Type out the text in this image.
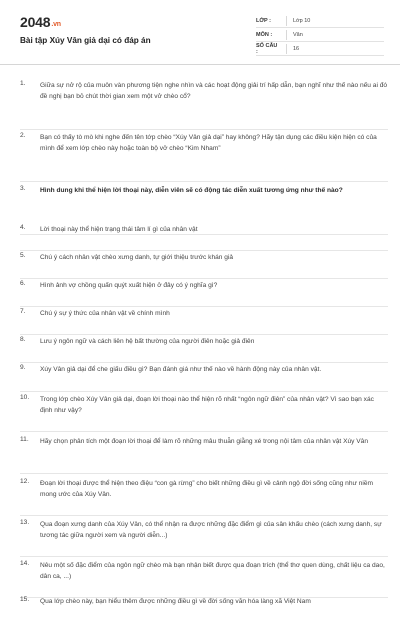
2048.vn
Bài tập Xúy Vân giả dại có đáp án
LỚP :	Lớp 10
MÔN :	Văn
SỐ CÂU :	16
1.	Giữa sự nở rộ của muôn vàn phương tiện nghe nhìn và các hoạt động giải trí hấp dẫn, bạn nghĩ như thế nào nếu ai đó đề nghị bạn bỏ chút thời gian xem một vở chèo cổ?
2.	Bạn có thấy tò mò khi nghe đến tên tớp chèo “Xúy Vân giả dại” hay không? Hãy tận dụng các điều kiện hiện có của mình để xem lớp chèo này hoặc toàn bộ vở chèo “Kim Nham”
3.	Hình dung khi thể hiện lời thoại này, diễn viên sẽ có động tác diễn xuất tương ứng như thế nào?
4.	Lời thoại này thể hiện trạng thái tâm lí gì của nhân vật
5.	Chú ý cách nhân vật chèo xưng danh, tự giới thiệu trước khán giả
6.	Hình ảnh vợ chồng quấn quýt xuất hiện ở đây có ý nghĩa gì?
7.	Chú ý sự ý thức của nhân vật về chính mình
8.	Lưu ý ngôn ngữ và cách liên hệ bất thường của người điên hoặc giả điên
9.	Xúy Vân giả dại để che giấu điều gì? Bạn đánh giá như thế nào về hành động này của nhân vật.
10.	Trong lớp chèo Xúy Vân giả dại, đoạn lời thoại nào thể hiện rõ nhất “ngôn ngữ điên” của nhân vật? Vì sao bạn xác định như vậy?
11.	Hãy chọn phân tích một đoạn lời thoại để làm rõ những mâu thuẫn giằng xé trong nội tâm của nhân vật Xúy Vân
12.	Đoạn lời thoại được thể hiện theo điệu “con gà rừng” cho biết những điều gì về cảnh ngộ đời sống cũng như niềm mong ước của Xúy Vân.
13.	Qua đoạn xưng danh của Xúy Vân, có thể nhận ra được những đặc điểm gì của sân khấu chèo (cách xưng danh, sự tương tác giữa người xem và người diễn...)
14.	Nêu một số đặc điểm của ngôn ngữ chèo mà bạn nhận biết được qua đoạn trích (thể thơ quen dùng, chất liệu ca dao, dân ca, ...)
15.	Qua lớp chèo này, bạn hiểu thêm được những điều gì về đời sống văn hóa làng xã Việt Nam
